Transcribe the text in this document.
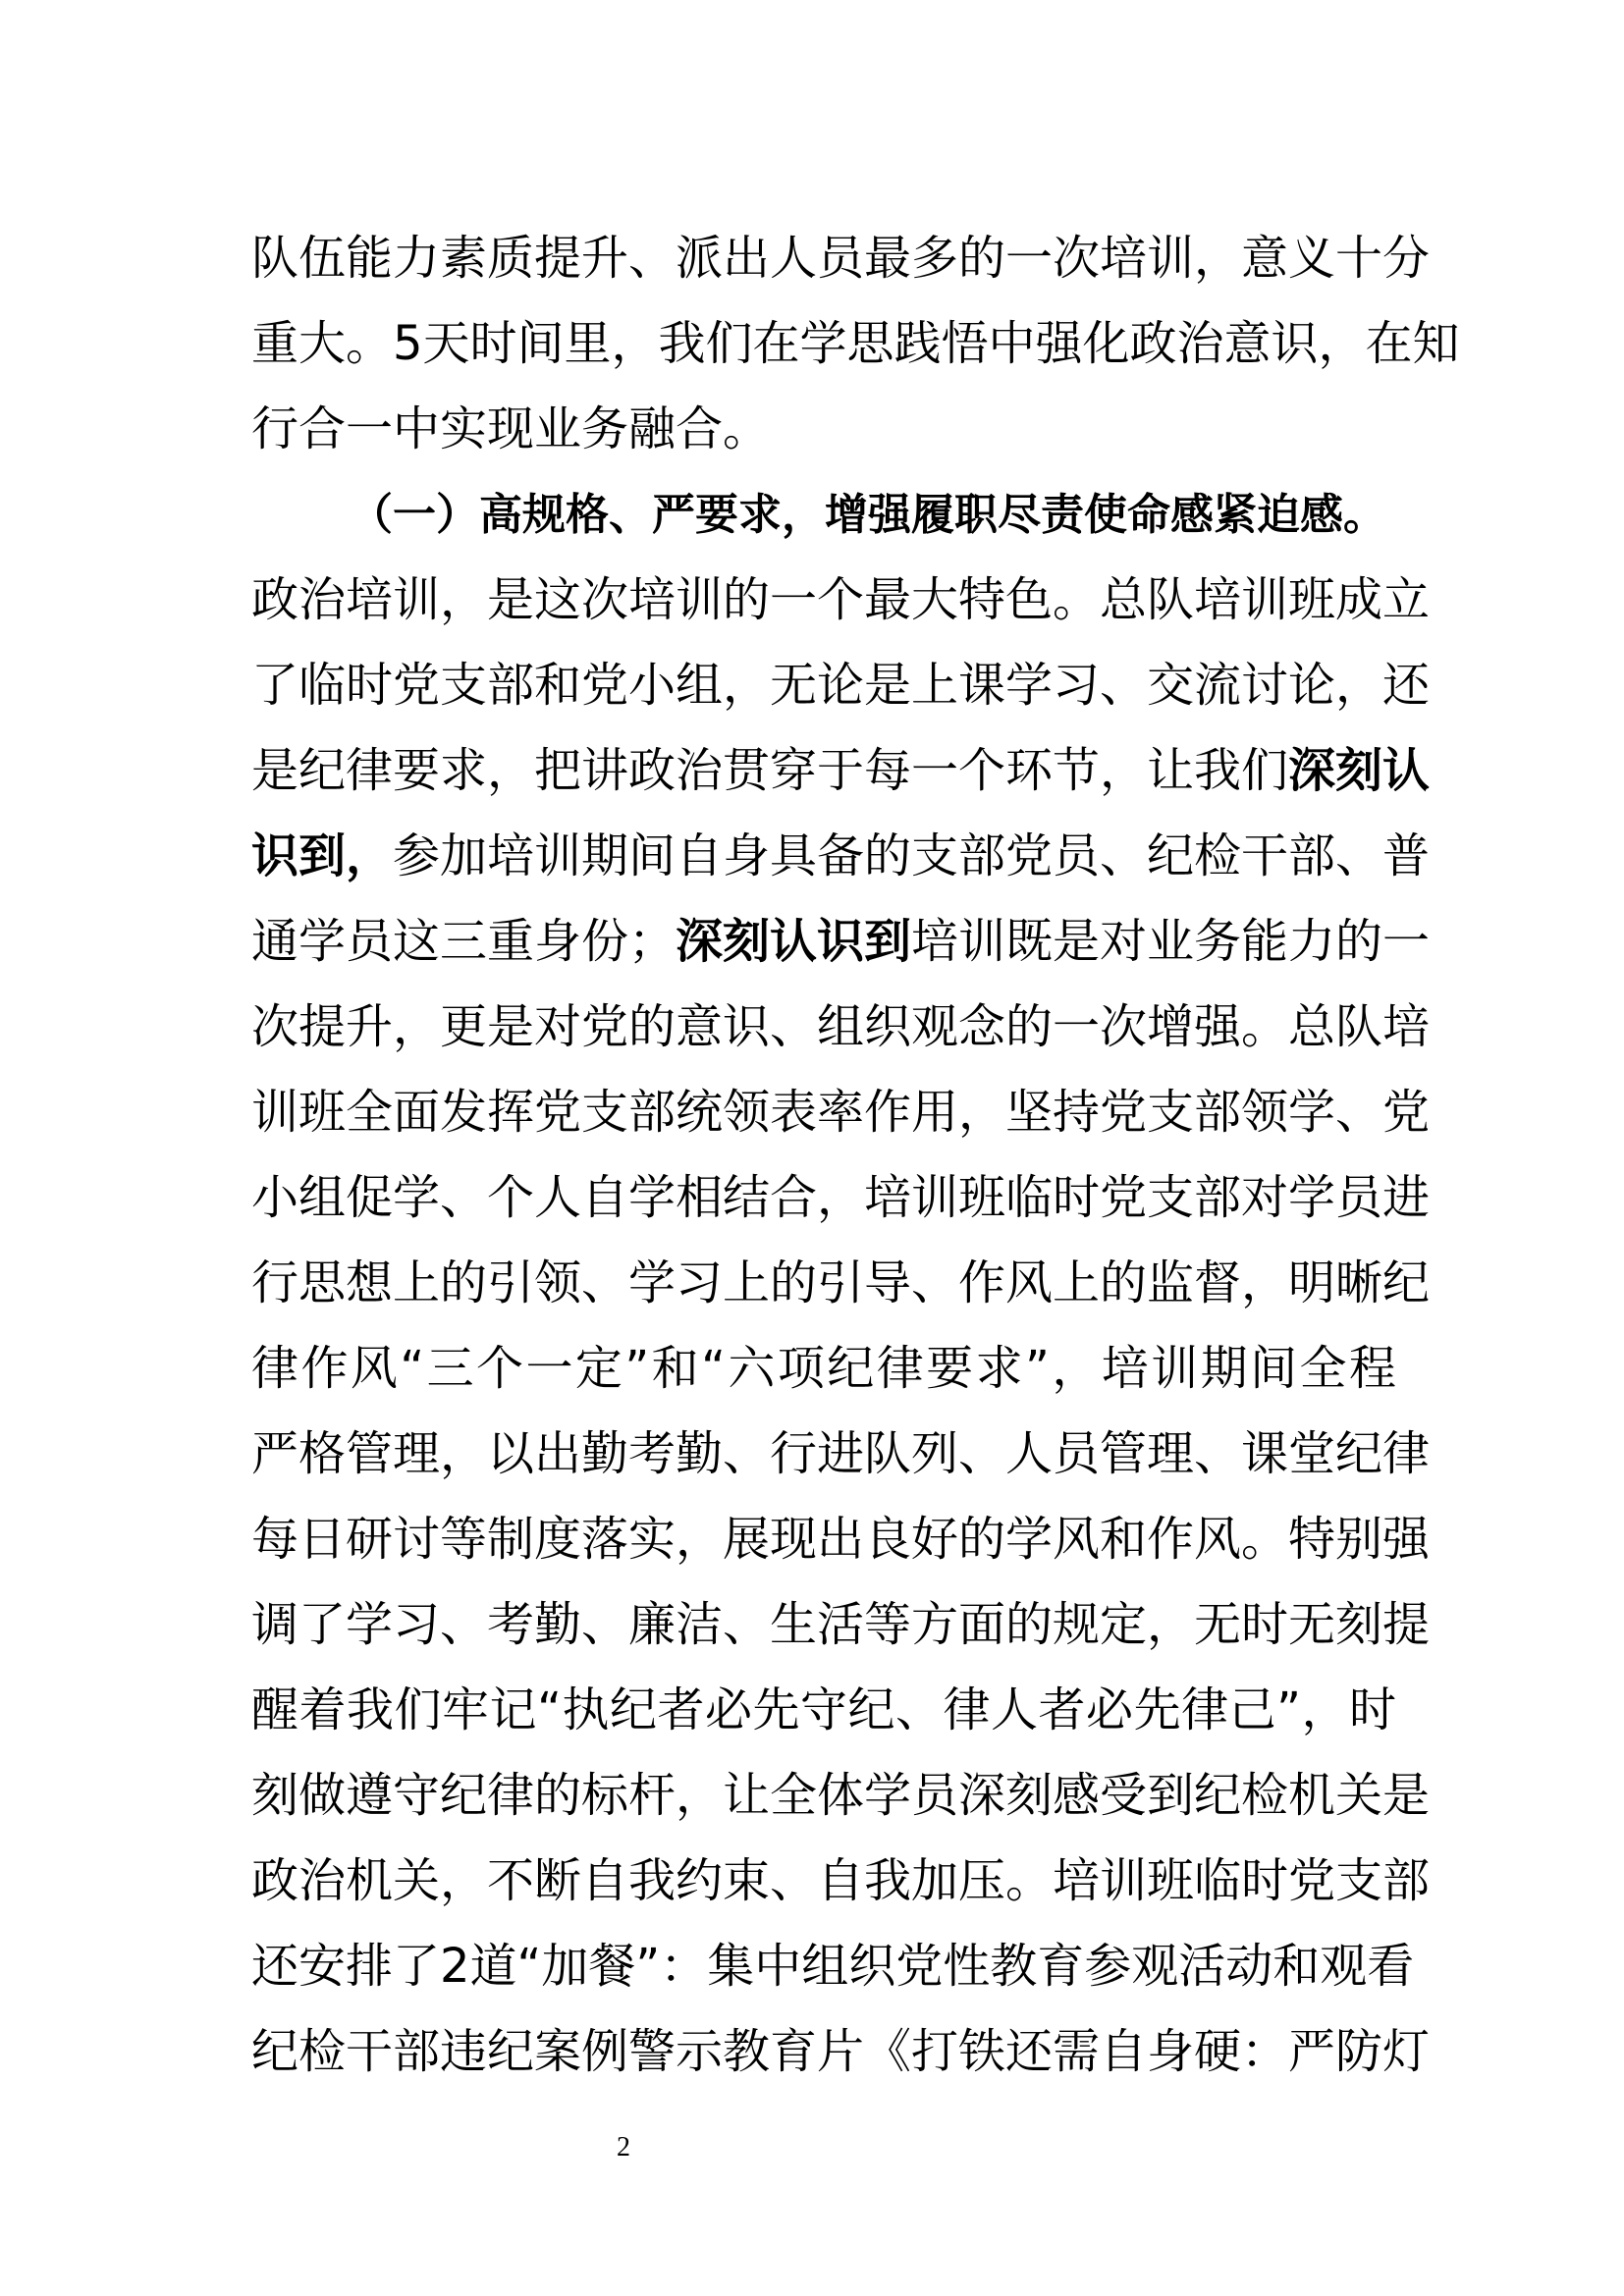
队伍能力素质提升、派出人员最多的一次培训，意义十分
重大。5天时间里，我们在学思践悟中强化政治意识，在知
行合一中实现业务融合。
（一）高规格、严要求，增强履职尽责使命感紧迫感。
政治培训，是这次培训的一个最大特色。总队培训班成立
了临时党支部和党小组，无论是上课学习、交流讨论，还
是纪律要求，把讲政治贯穿于每一个环节，让我们深刻认
识到，参加培训期间自身具备的支部党员、纪检干部、普
通学员这三重身份；深刻认识到培训既是对业务能力的一
次提升，更是对党的意识、组织观念的一次增强。总队培
训班全面发挥党支部统领表率作用，坚持党支部领学、党
小组促学、个人自学相结合，培训班临时党支部对学员进
行思想上的引领、学习上的引导、作风上的监督，明晰纪
律作风“三个一定”和“六项纪律要求”，培训期间全程
严格管理，以出勤考勤、行进队列、人员管理、课堂纪律
每日研讨等制度落实，展现出良好的学风和作风。特别强
调了学习、考勤、廉洁、生活等方面的规定，无时无刻提
醒着我们牢记“执纪者必先守纪、律人者必先律己”，时
刻做遵守纪律的标杆，让全体学员深刻感受到纪检机关是
政治机关，不断自我约束、自我加压。培训班临时党支部
还安排了2道“加餐”：集中组织党性教育参观活动和观看
纪检干部违纪案例警示教育片《打铁还需自身硬：严防灯
2
